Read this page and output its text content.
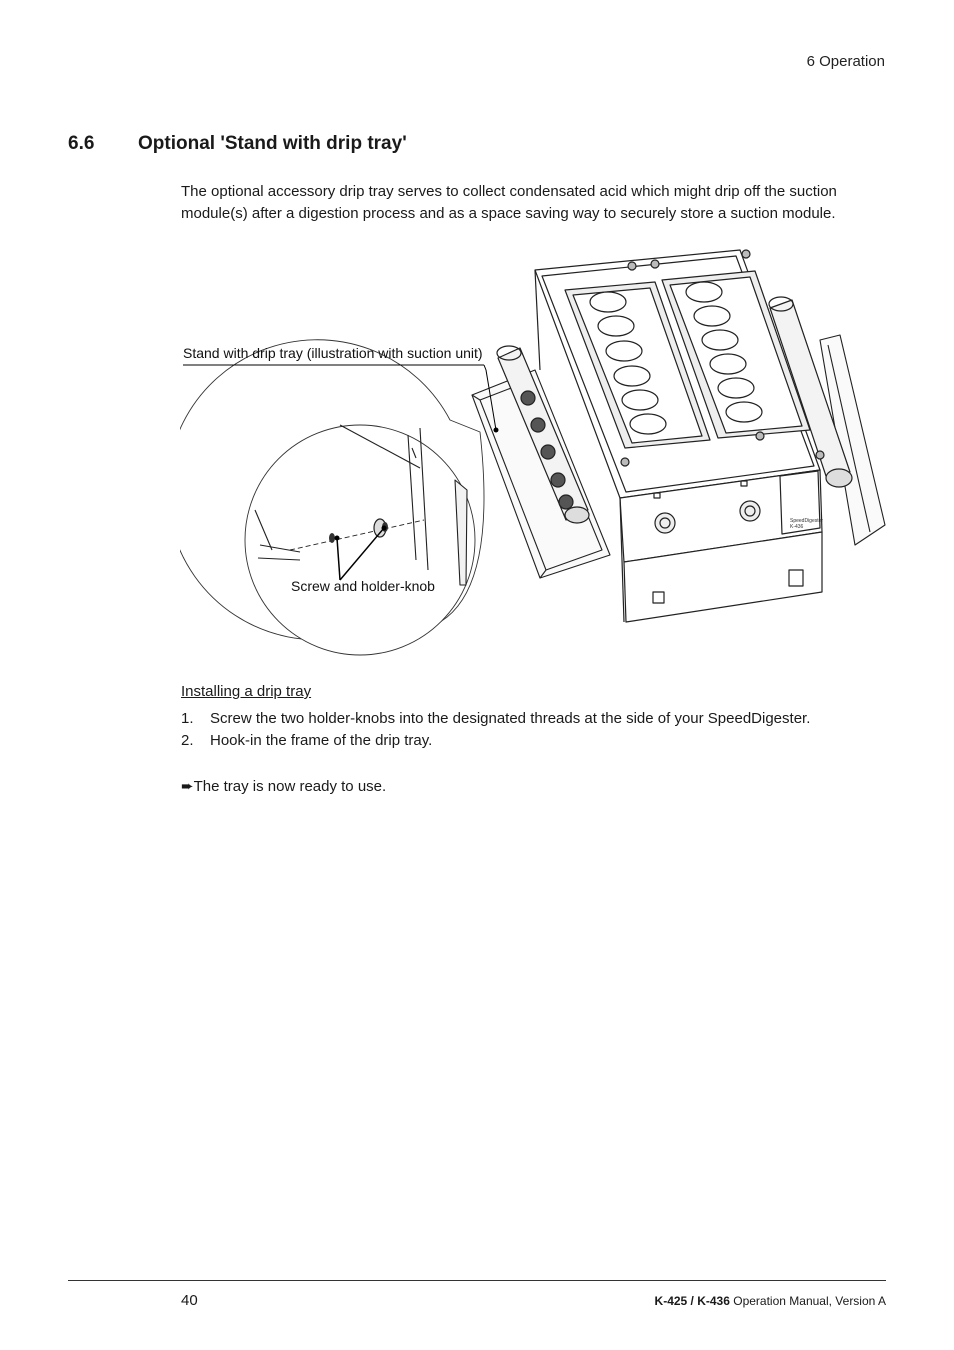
6 Operation
6.6 Optional 'Stand with drip tray'
The optional accessory drip tray serves to collect condensated acid which might drip off the suction module(s) after a digestion process and as a space saving way to securely store a suction module.
SpeedDigester
K-436
Stand with drip tray (illustration with suction unit)
Screw and holder-knob
Installing a drip tray
1. Screw the two holder-knobs into the designated threads at the side of your SpeedDigester.
2. Hook-in the frame of the drip tray.
➨The tray is now ready to use.
40	K-425 / K-436 Operation Manual, Version A
